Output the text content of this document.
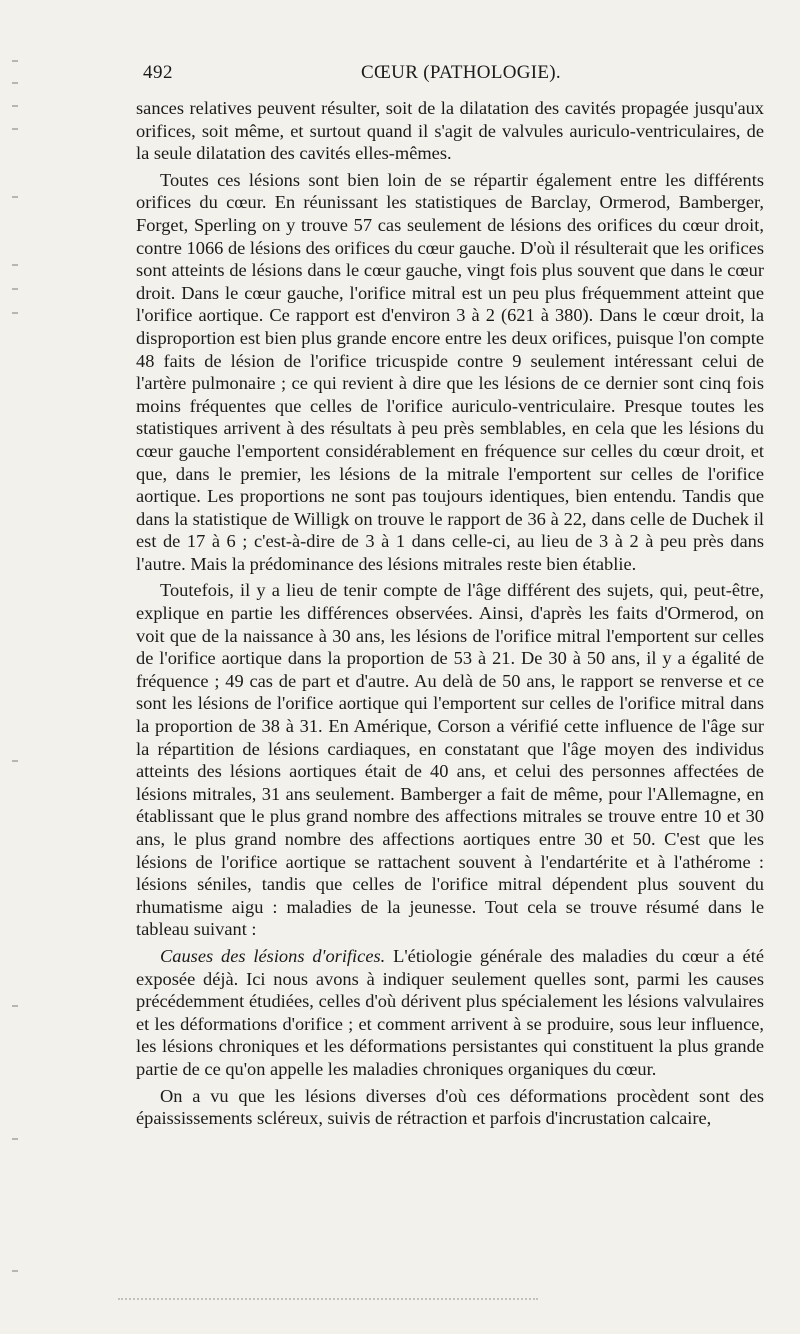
492	CŒUR (PATHOLOGIE).

sances relatives peuvent résulter, soit de la dilatation des cavités propagée jusqu'aux orifices, soit même, et surtout quand il s'agit de valvules auriculo-ventriculaires, de la seule dilatation des cavités elles-mêmes.

Toutes ces lésions sont bien loin de se répartir également entre les différents orifices du cœur. En réunissant les statistiques de Barclay, Ormerod, Bamberger, Forget, Sperling on y trouve 57 cas seulement de lésions des orifices du cœur droit, contre 1066 de lésions des orifices du cœur gauche. D'où il résulterait que les orifices sont atteints de lésions dans le cœur gauche, vingt fois plus souvent que dans le cœur droit. Dans le cœur gauche, l'orifice mitral est un peu plus fréquemment atteint que l'orifice aortique. Ce rapport est d'environ 3 à 2 (621 à 380). Dans le cœur droit, la disproportion est bien plus grande encore entre les deux orifices, puisque l'on compte 48 faits de lésion de l'orifice tricuspide contre 9 seulement intéressant celui de l'artère pulmonaire ; ce qui revient à dire que les lésions de ce dernier sont cinq fois moins fréquentes que celles de l'orifice auriculo-ventriculaire. Presque toutes les statistiques arrivent à des résultats à peu près semblables, en cela que les lésions du cœur gauche l'emportent considérablement en fréquence sur celles du cœur droit, et que, dans le premier, les lésions de la mitrale l'emportent sur celles de l'orifice aortique. Les proportions ne sont pas toujours identiques, bien entendu. Tandis que dans la statistique de Willigk on trouve le rapport de 36 à 22, dans celle de Duchek il est de 17 à 6 ; c'est-à-dire de 3 à 1 dans celle-ci, au lieu de 3 à 2 à peu près dans l'autre. Mais la prédominance des lésions mitrales reste bien établie.

Toutefois, il y a lieu de tenir compte de l'âge différent des sujets, qui, peut-être, explique en partie les différences observées. Ainsi, d'après les faits d'Ormerod, on voit que de la naissance à 30 ans, les lésions de l'orifice mitral l'emportent sur celles de l'orifice aortique dans la proportion de 53 à 21. De 30 à 50 ans, il y a égalité de fréquence ; 49 cas de part et d'autre. Au delà de 50 ans, le rapport se renverse et ce sont les lésions de l'orifice aortique qui l'emportent sur celles de l'orifice mitral dans la proportion de 38 à 31. En Amérique, Corson a vérifié cette influence de l'âge sur la répartition de lésions cardiaques, en constatant que l'âge moyen des individus atteints des lésions aortiques était de 40 ans, et celui des personnes affectées de lésions mitrales, 31 ans seulement. Bamberger a fait de même, pour l'Allemagne, en établissant que le plus grand nombre des affections mitrales se trouve entre 10 et 30 ans, le plus grand nombre des affections aortiques entre 30 et 50. C'est que les lésions de l'orifice aortique se rattachent souvent à l'endartérite et à l'athérome : lésions séniles, tandis que celles de l'orifice mitral dépendent plus souvent du rhumatisme aigu : maladies de la jeunesse. Tout cela se trouve résumé dans le tableau suivant :

Causes des lésions d'orifices. L'étiologie générale des maladies du cœur a été exposée déjà. Ici nous avons à indiquer seulement quelles sont, parmi les causes précédemment étudiées, celles d'où dérivent plus spécialement les lésions valvulaires et les déformations d'orifice ; et comment arrivent à se produire, sous leur influence, les lésions chroniques et les déformations persistantes qui constituent la plus grande partie de ce qu'on appelle les maladies chroniques organiques du cœur.

On a vu que les lésions diverses d'où ces déformations procèdent sont des épaississements scléreux, suivis de rétraction et parfois d'incrustation calcaire,
